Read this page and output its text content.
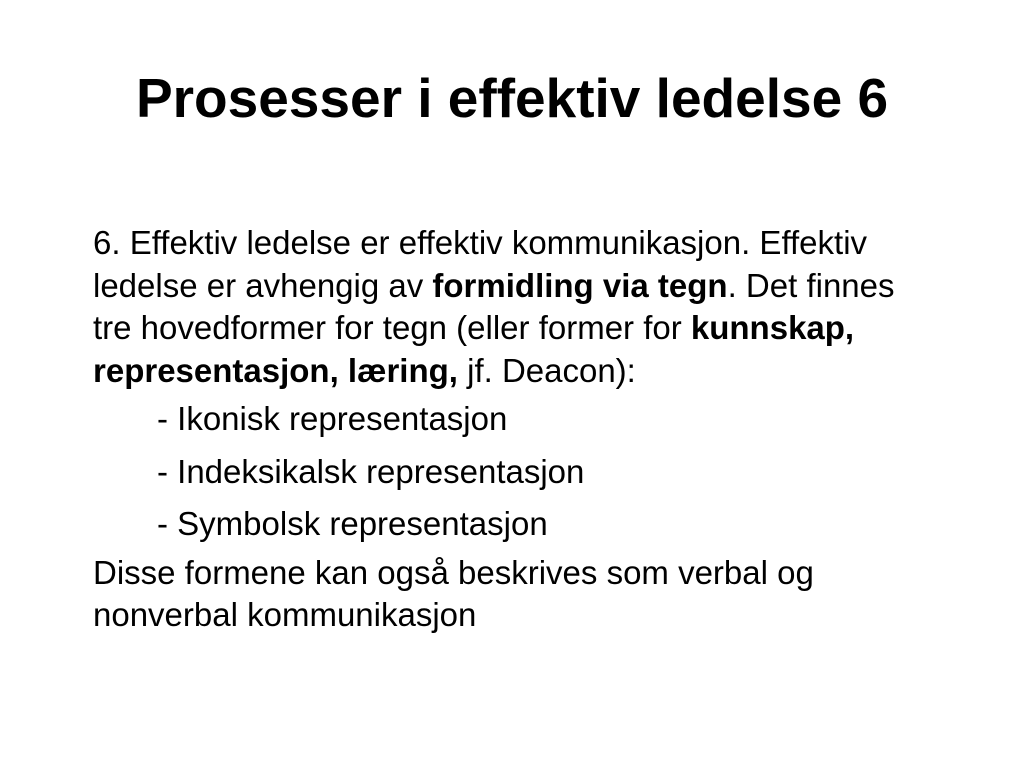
Prosesser i effektiv ledelse 6

6. Effektiv ledelse er effektiv kommunikasjon. Effektiv ledelse er avhengig av formidling via tegn. Det finnes tre hovedformer for tegn (eller former for kunnskap, representasjon, læring, jf. Deacon):

- Ikonisk representasjon
- Indeksikalsk representasjon
- Symbolsk representasjon

Disse formene kan også beskrives som verbal og nonverbal kommunikasjon
